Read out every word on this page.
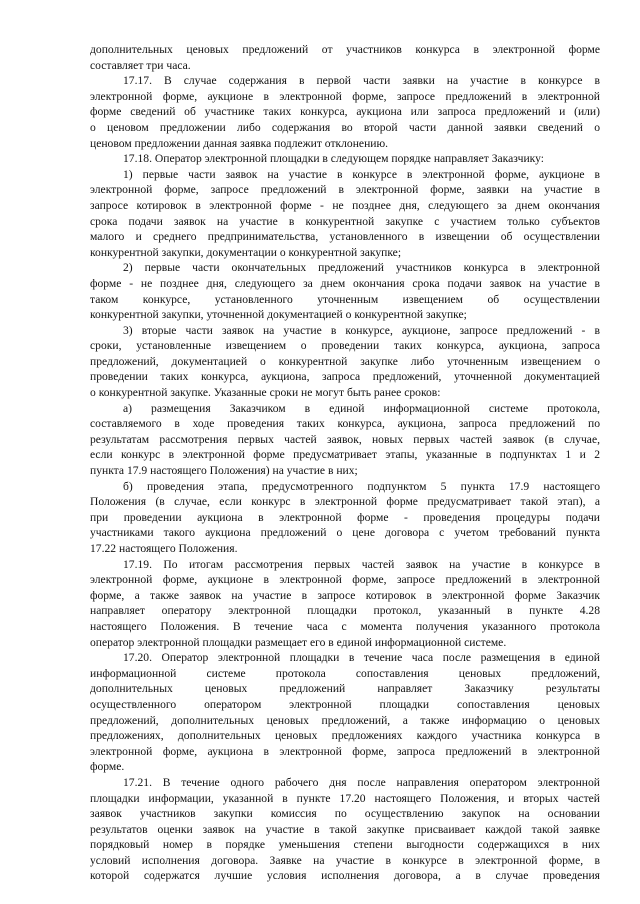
дополнительных ценовых предложений от участников конкурса в электронной форме
составляет три часа.
17.17. В случае содержания в первой части заявки на участие в конкурсе в
электронной форме, аукционе в электронной форме, запросе предложений в электронной
форме сведений об участнике таких конкурса, аукциона или запроса предложений и (или)
о ценовом предложении либо содержания во второй части данной заявки сведений о
ценовом предложении данная заявка подлежит отклонению.
17.18. Оператор электронной площадки в следующем порядке направляет Заказчику:
1) первые части заявок на участие в конкурсе в электронной форме, аукционе в
электронной форме, запросе предложений в электронной форме, заявки на участие в
запросе котировок в электронной форме - не позднее дня, следующего за днем окончания
срока подачи заявок на участие в конкурентной закупке с участием только субъектов
малого и среднего предпринимательства, установленного в извещении об осуществлении
конкурентной закупки, документации о конкурентной закупке;
2) первые части окончательных предложений участников конкурса в электронной
форме - не позднее дня, следующего за днем окончания срока подачи заявок на участие в
таком конкурсе, установленного уточненным извещением об осуществлении
конкурентной закупки, уточненной документацией о конкурентной закупке;
3) вторые части заявок на участие в конкурсе, аукционе, запросе предложений - в
сроки, установленные извещением о проведении таких конкурса, аукциона, запроса
предложений, документацией о конкурентной закупке либо уточненным извещением о
проведении таких конкурса, аукциона, запроса предложений, уточненной документацией
о конкурентной закупке. Указанные сроки не могут быть ранее сроков:
а) размещения Заказчиком в единой информационной системе протокола,
составляемого в ходе проведения таких конкурса, аукциона, запроса предложений по
результатам рассмотрения первых частей заявок, новых первых частей заявок (в случае,
если конкурс в электронной форме предусматривает этапы, указанные в подпунктах 1 и 2
пункта 17.9 настоящего Положения) на участие в них;
б) проведения этапа, предусмотренного подпунктом 5 пункта 17.9 настоящего
Положения (в случае, если конкурс в электронной форме предусматривает такой этап), а
при проведении аукциона в электронной форме - проведения процедуры подачи
участниками такого аукциона предложений о цене договора с учетом требований пункта
17.22 настоящего Положения.
17.19. По итогам рассмотрения первых частей заявок на участие в конкурсе в
электронной форме, аукционе в электронной форме, запросе предложений в электронной
форме, а также заявок на участие в запросе котировок в электронной форме Заказчик
направляет оператору электронной площадки протокол, указанный в пункте 4.28
настоящего Положения. В течение часа с момента получения указанного протокола
оператор электронной площадки размещает его в единой информационной системе.
17.20. Оператор электронной площадки в течение часа после размещения в единой
информационной системе протокола сопоставления ценовых предложений,
дополнительных ценовых предложений направляет Заказчику результаты
осуществленного оператором электронной площадки сопоставления ценовых
предложений, дополнительных ценовых предложений, а также информацию о ценовых
предложениях, дополнительных ценовых предложениях каждого участника конкурса в
электронной форме, аукциона в электронной форме, запроса предложений в электронной
форме.
17.21. В течение одного рабочего дня после направления оператором электронной
площадки информации, указанной в пункте 17.20 настоящего Положения, и вторых частей
заявок участников закупки комиссия по осуществлению закупок на основании
результатов оценки заявок на участие в такой закупке присваивает каждой такой заявке
порядковый номер в порядке уменьшения степени выгодности содержащихся в них
условий исполнения договора. Заявке на участие в конкурсе в электронной форме, в
которой содержатся лучшие условия исполнения договора, а в случае проведения
